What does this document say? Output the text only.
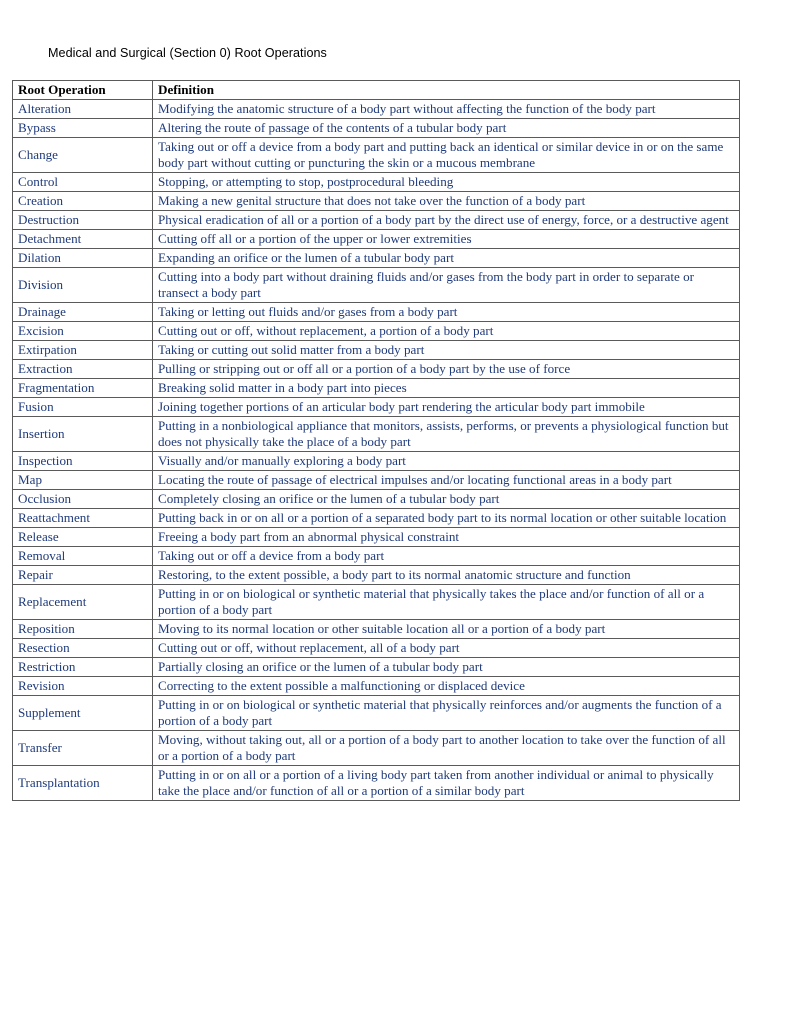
Medical and Surgical (Section 0) Root Operations
Root Operation	Definition
Alteration	Modifying the anatomic structure of a body part without affecting the function of the body part
Bypass	Altering the route of passage of the contents of a tubular body part
Change	Taking out or off a device from a body part and putting back an identical or similar device in or on the same body part without cutting or puncturing the skin or a mucous membrane
Control	Stopping, or attempting to stop, postprocedural bleeding
Creation	Making a new genital structure that does not take over the function of a body part
Destruction	Physical eradication of all or a portion of a body part by the direct use of energy, force, or a destructive agent
Detachment	Cutting off all or a portion of the upper or lower extremities
Dilation	Expanding an orifice or the lumen of a tubular body part
Division	Cutting into a body part without draining fluids and/or gases from the body part in order to separate or transect a body part
Drainage	Taking or letting out fluids and/or gases from a body part
Excision	Cutting out or off, without replacement, a portion of a body part
Extirpation	Taking or cutting out solid matter from a body part
Extraction	Pulling or stripping out or off all or a portion of a body part by the use of force
Fragmentation	Breaking solid matter in a body part into pieces
Fusion	Joining together portions of an articular body part rendering the articular body part immobile
Insertion	Putting in a nonbiological appliance that monitors, assists, performs, or prevents a physiological function but does not physically take the place of a body part
Inspection	Visually and/or manually exploring a body part
Map	Locating the route of passage of electrical impulses and/or locating functional areas in a body part
Occlusion	Completely closing an orifice or the lumen of a tubular body part
Reattachment	Putting back in or on all or a portion of a separated body part to its normal location or other suitable location
Release	Freeing a body part from an abnormal physical constraint
Removal	Taking out or off a device from a body part
Repair	Restoring, to the extent possible, a body part to its normal anatomic structure and function
Replacement	Putting in or on biological or synthetic material that physically takes the place and/or function of all or a portion of a body part
Reposition	Moving to its normal location or other suitable location all or a portion of a body part
Resection	Cutting out or off, without replacement, all of a body part
Restriction	Partially closing an orifice or the lumen of a tubular body part
Revision	Correcting to the extent possible a malfunctioning or displaced device
Supplement	Putting in or on biological or synthetic material that physically reinforces and/or augments the function of a portion of a body part
Transfer	Moving, without taking out, all or a portion of a body part to another location to take over the function of all or a portion of a body part
Transplantation	Putting in or on all or a portion of a living body part taken from another individual or animal to physically take the place and/or function of all or a portion of a similar body part
